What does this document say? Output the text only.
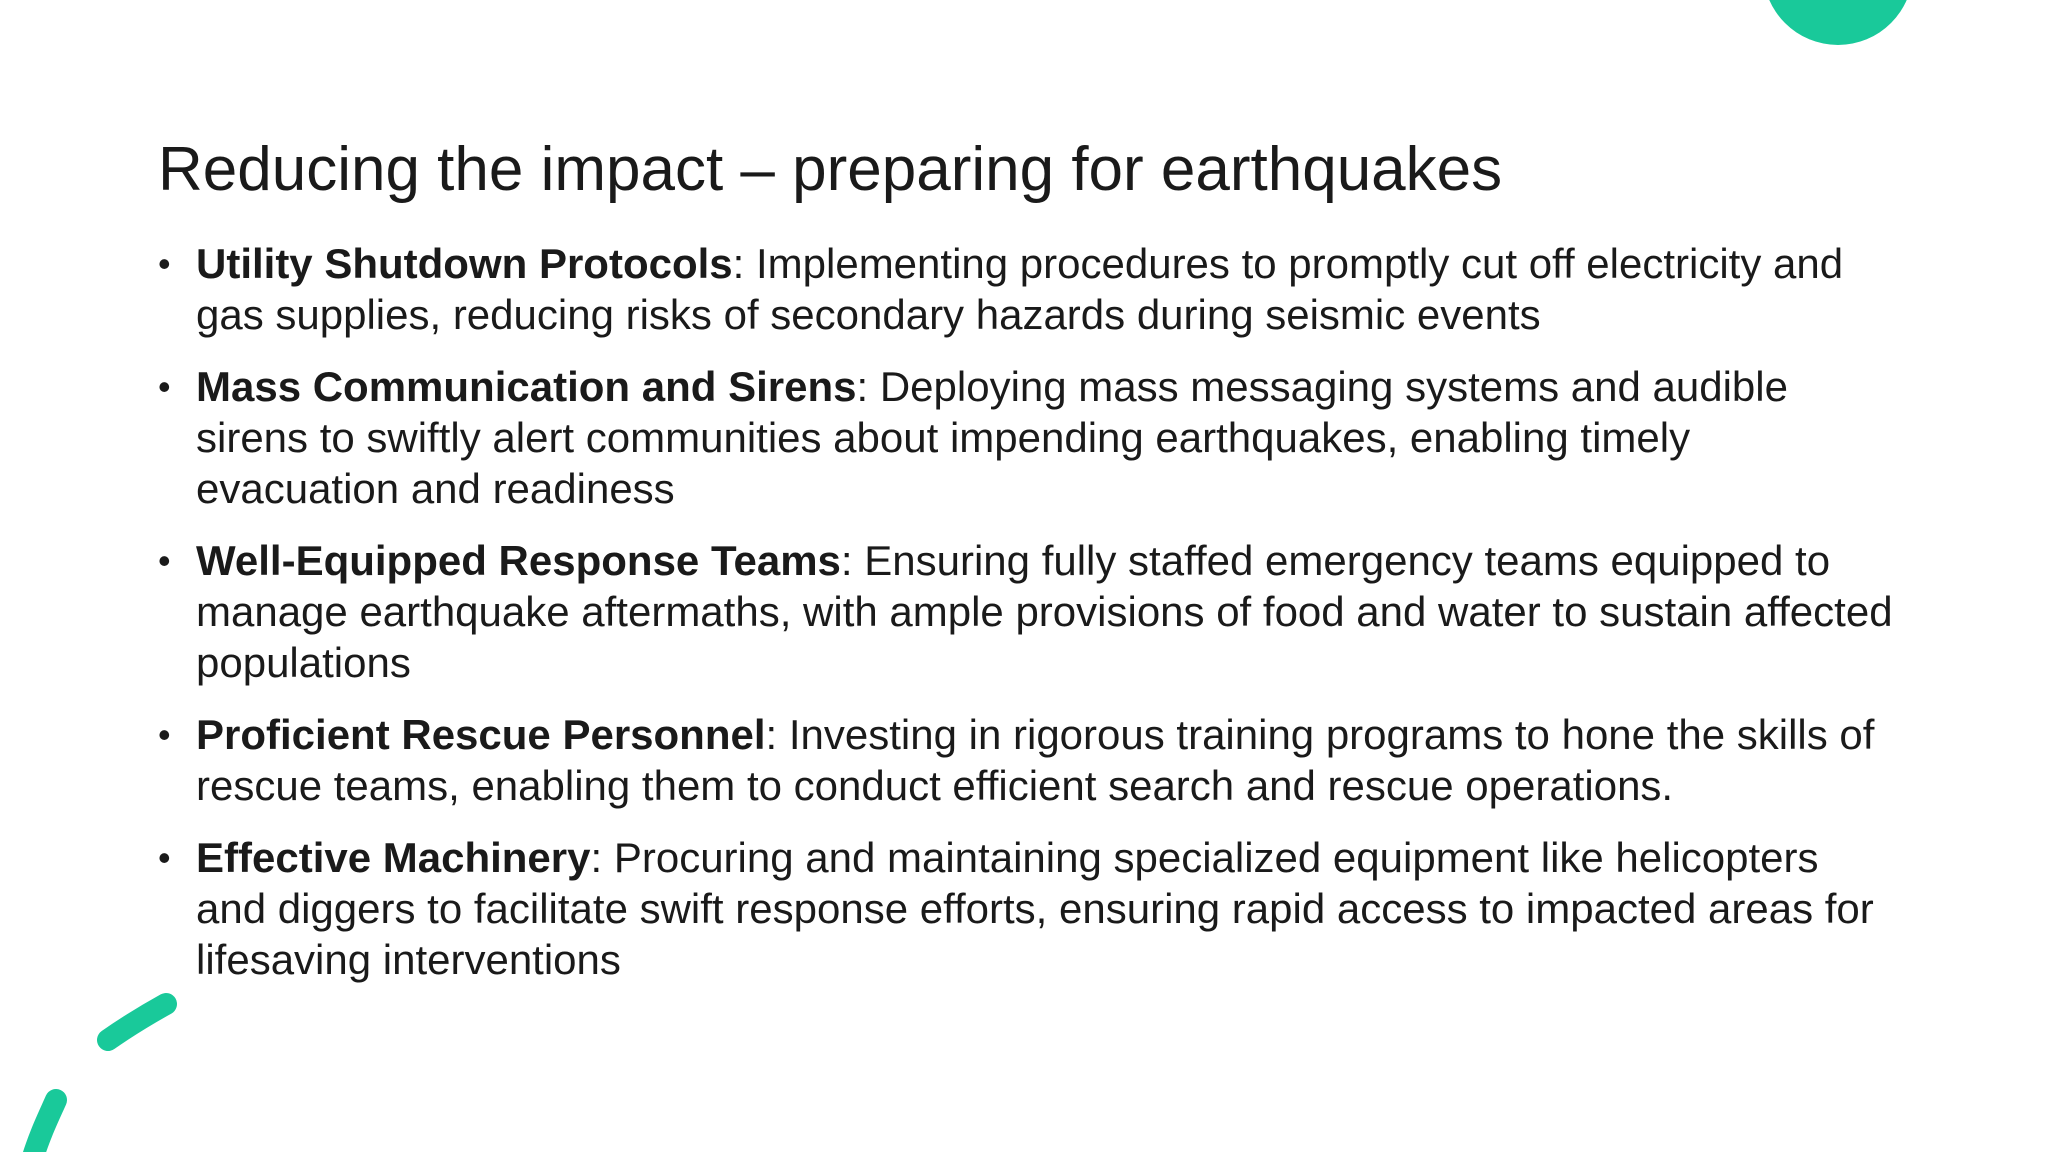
Reducing the impact – preparing for earthquakes
• Utility Shutdown Protocols: Implementing procedures to promptly cut off electricity and gas supplies, reducing risks of secondary hazards during seismic events
• Mass Communication and Sirens: Deploying mass messaging systems and audible sirens to swiftly alert communities about impending earthquakes, enabling timely evacuation and readiness
• Well-Equipped Response Teams: Ensuring fully staffed emergency teams equipped to manage earthquake aftermaths, with ample provisions of food and water to sustain affected populations
• Proficient Rescue Personnel: Investing in rigorous training programs to hone the skills of rescue teams, enabling them to conduct efficient search and rescue operations.
• Effective Machinery: Procuring and maintaining specialized equipment like helicopters and diggers to facilitate swift response efforts, ensuring rapid access to impacted areas for lifesaving interventions
